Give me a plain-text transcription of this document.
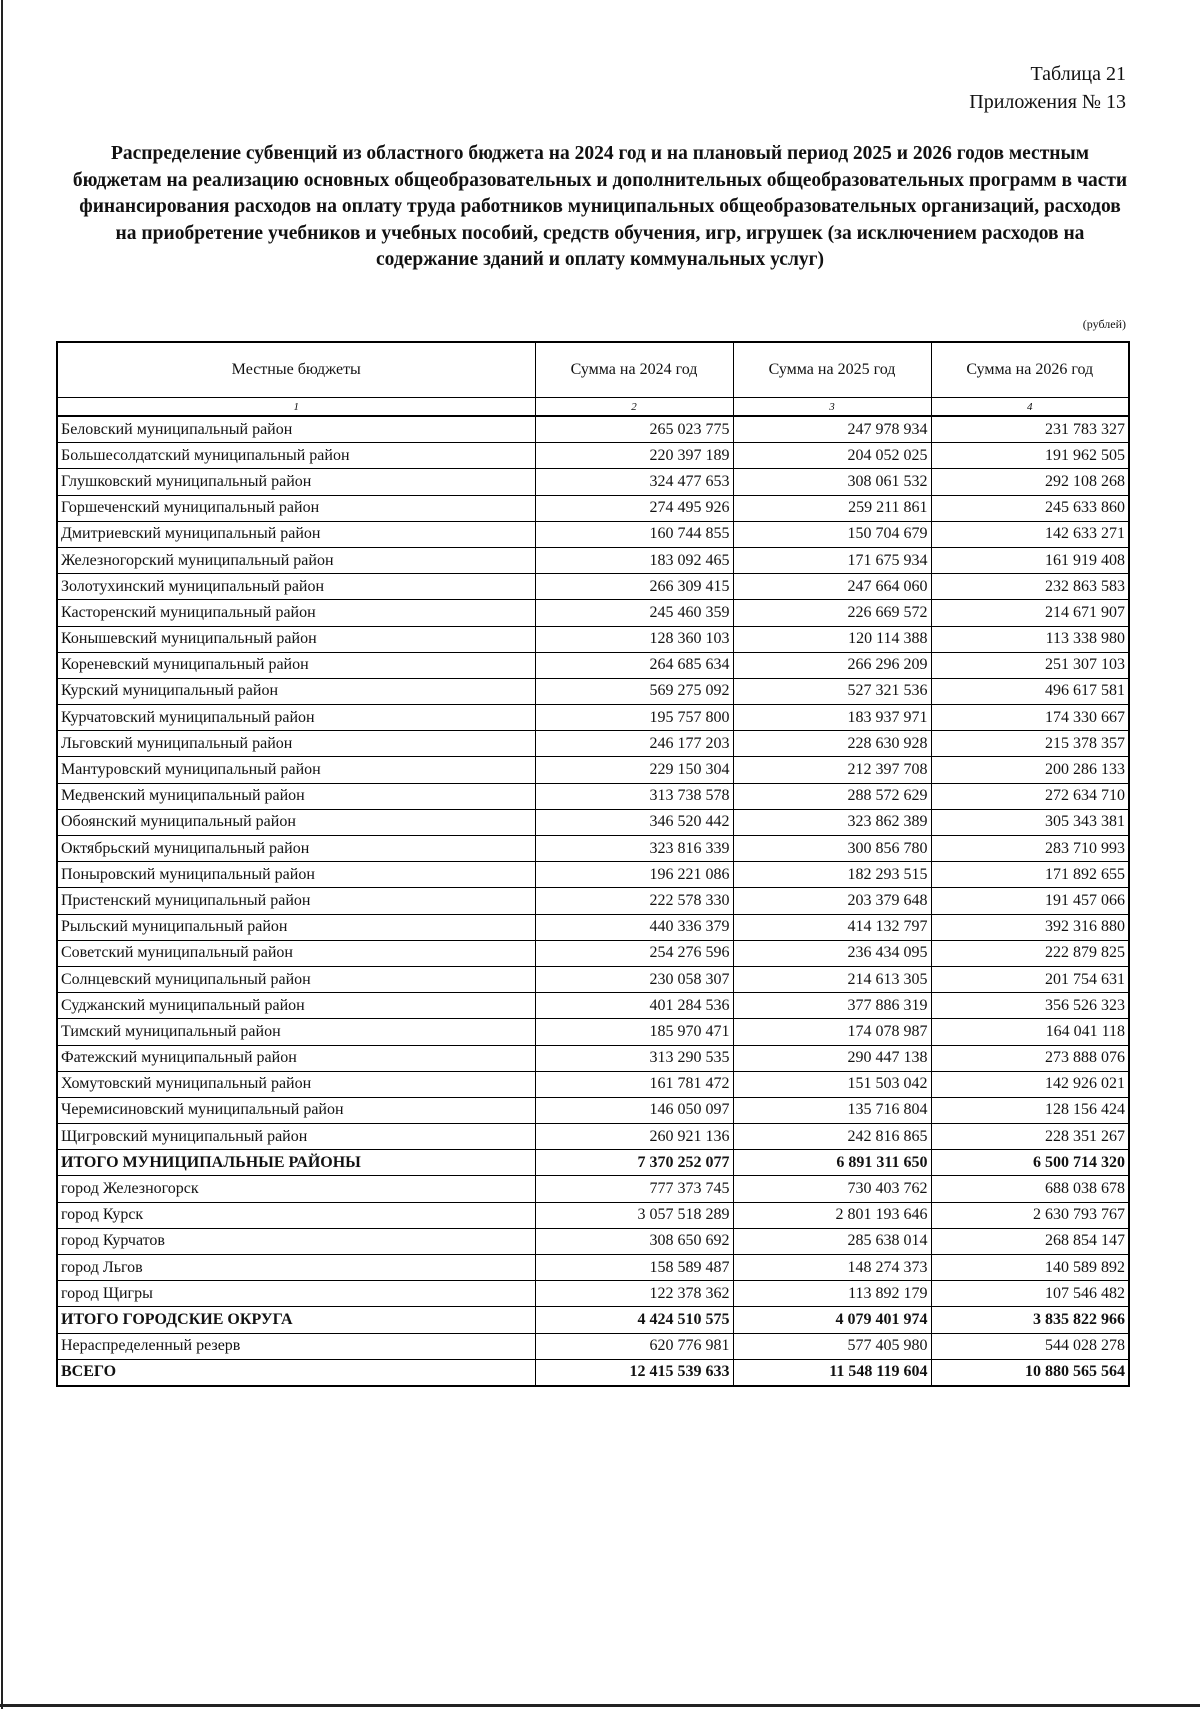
Таблица 21
Приложения № 13
Распределение субвенций из областного бюджета на 2024 год и на плановый период 2025 и 2026 годов местным бюджетам на реализацию основных общеобразовательных и дополнительных общеобразовательных программ в части финансирования расходов на оплату труда работников муниципальных общеобразовательных организаций, расходов на приобретение учебников и учебных пособий, средств обучения, игр, игрушек (за исключением расходов на содержание зданий и оплату коммунальных услуг)
(рублей)
Местные бюджеты	Сумма на 2024 год	Сумма на 2025 год	Сумма на 2026 год
1	2	3	4
Беловский муниципальный район	265 023 775	247 978 934	231 783 327
Большесолдатский муниципальный район	220 397 189	204 052 025	191 962 505
Глушковский муниципальный район	324 477 653	308 061 532	292 108 268
Горшеченский муниципальный район	274 495 926	259 211 861	245 633 860
Дмитриевский муниципальный район	160 744 855	150 704 679	142 633 271
Железногорский муниципальный район	183 092 465	171 675 934	161 919 408
Золотухинский муниципальный район	266 309 415	247 664 060	232 863 583
Касторенский муниципальный район	245 460 359	226 669 572	214 671 907
Конышевский муниципальный район	128 360 103	120 114 388	113 338 980
Кореневский муниципальный район	264 685 634	266 296 209	251 307 103
Курский муниципальный район	569 275 092	527 321 536	496 617 581
Курчатовский муниципальный район	195 757 800	183 937 971	174 330 667
Льговский муниципальный район	246 177 203	228 630 928	215 378 357
Мантуровский муниципальный район	229 150 304	212 397 708	200 286 133
Медвенский муниципальный район	313 738 578	288 572 629	272 634 710
Обоянский муниципальный район	346 520 442	323 862 389	305 343 381
Октябрьский муниципальный район	323 816 339	300 856 780	283 710 993
Поныровский муниципальный район	196 221 086	182 293 515	171 892 655
Пристенский муниципальный район	222 578 330	203 379 648	191 457 066
Рыльский муниципальный район	440 336 379	414 132 797	392 316 880
Советский муниципальный район	254 276 596	236 434 095	222 879 825
Солнцевский муниципальный район	230 058 307	214 613 305	201 754 631
Суджанский муниципальный район	401 284 536	377 886 319	356 526 323
Тимский муниципальный район	185 970 471	174 078 987	164 041 118
Фатежский муниципальный район	313 290 535	290 447 138	273 888 076
Хомутовский муниципальный район	161 781 472	151 503 042	142 926 021
Черемисиновский муниципальный район	146 050 097	135 716 804	128 156 424
Щигровский муниципальный район	260 921 136	242 816 865	228 351 267
ИТОГО МУНИЦИПАЛЬНЫЕ РАЙОНЫ	7 370 252 077	6 891 311 650	6 500 714 320
город Железногорск	777 373 745	730 403 762	688 038 678
город Курск	3 057 518 289	2 801 193 646	2 630 793 767
город Курчатов	308 650 692	285 638 014	268 854 147
город Льгов	158 589 487	148 274 373	140 589 892
город Щигры	122 378 362	113 892 179	107 546 482
ИТОГО ГОРОДСКИЕ ОКРУГА	4 424 510 575	4 079 401 974	3 835 822 966
Нераспределенный резерв	620 776 981	577 405 980	544 028 278
ВСЕГО	12 415 539 633	11 548 119 604	10 880 565 564
